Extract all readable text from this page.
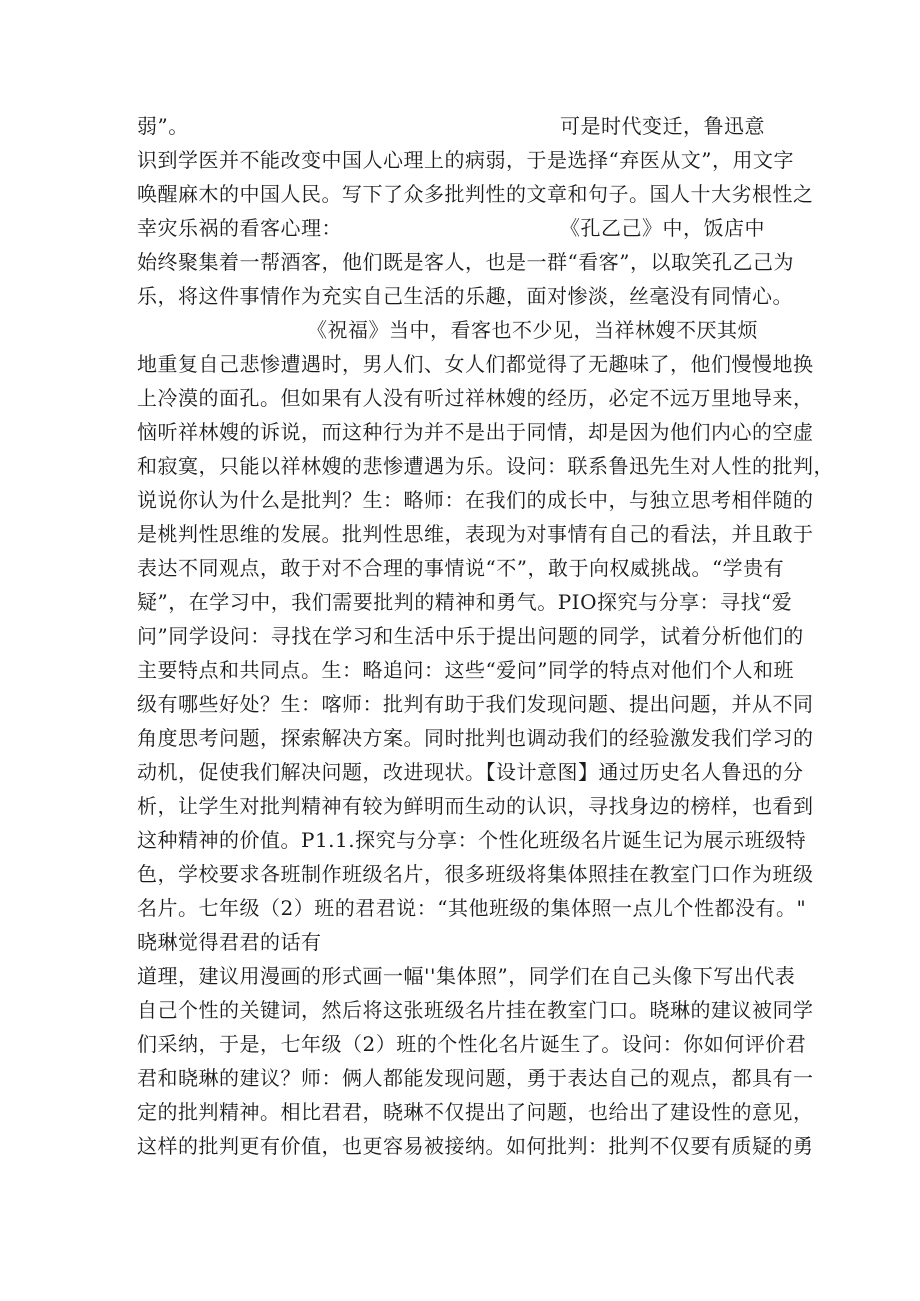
弱”。	可是时代变迁，鲁迅意
识到学医并不能改变中国人心理上的病弱，于是选择“弃医从文”，用文字
唤醒麻木的中国人民。写下了众多批判性的文章和句子。国人十大劣根性之
幸灾乐祸的看客心理：	《孔乙己》中，饭店中
始终聚集着一帮酒客，他们既是客人，也是一群“看客”，以取笑孔乙己为
乐，将这件事情作为充实自己生活的乐趣，面对惨淡，丝毫没有同情心。
《祝福》当中，看客也不少见，当祥林嫂不厌其烦
地重复自己悲惨遭遇时，男人们、女人们都觉得了无趣味了，他们慢慢地换
上冷漠的面孔。但如果有人没有听过祥林嫂的经历，必定不远万里地导来，
恼听祥林嫂的诉说，而这种行为并不是出于同情，却是因为他们内心的空虚
和寂寞，只能以祥林嫂的悲惨遭遇为乐。设问：联系鲁迅先生对人性的批判，
说说你认为什么是批判？生：略师：在我们的成长中，与独立思考相伴随的
是桃判性思维的发展。批判性思维，表现为对事情有自己的看法，并且敢于
表达不同观点，敢于对不合理的事情说“不”，敢于向权威挑战。“学贵有
疑”，在学习中，我们需要批判的精神和勇气。PIO探究与分享：寻找“爱
问”同学设问：寻找在学习和生活中乐于提出问题的同学，试着分析他们的
主要特点和共同点。生：略追问：这些“爱问”同学的特点对他们个人和班
级有哪些好处？生：喀师：批判有助于我们发现问题、提出问题，并从不同
角度思考问题，探索解决方案。同时批判也调动我们的经验激发我们学习的
动机，促使我们解决问题，改进现状。【设计意图】通过历史名人鲁迅的分
析，让学生对批判精神有较为鲜明而生动的认识，寻找身边的榜样，也看到
这种精神的价值。P1.1.探究与分享：个性化班级名片诞生记为展示班级特
色，学校要求各班制作班级名片，很多班级将集体照挂在教室门口作为班级
名片。七年级（2）班的君君说：“其他班级的集体照一点儿个性都没有。"
晓琳觉得君君的话有
道理，建议用漫画的形式画一幅''集体照”，同学们在自己头像下写出代表
自己个性的关键词，然后将这张班级名片挂在教室门口。晓琳的建议被同学
们采纳，于是，七年级（2）班的个性化名片诞生了。设问：你如何评价君
君和晓琳的建议？师：俩人都能发现问题，勇于表达自己的观点，都具有一
定的批判精神。相比君君，晓琳不仅提出了问题，也给出了建设性的意见，
这样的批判更有价值，也更容易被接纳。如何批判：批判不仅要有质疑的勇
